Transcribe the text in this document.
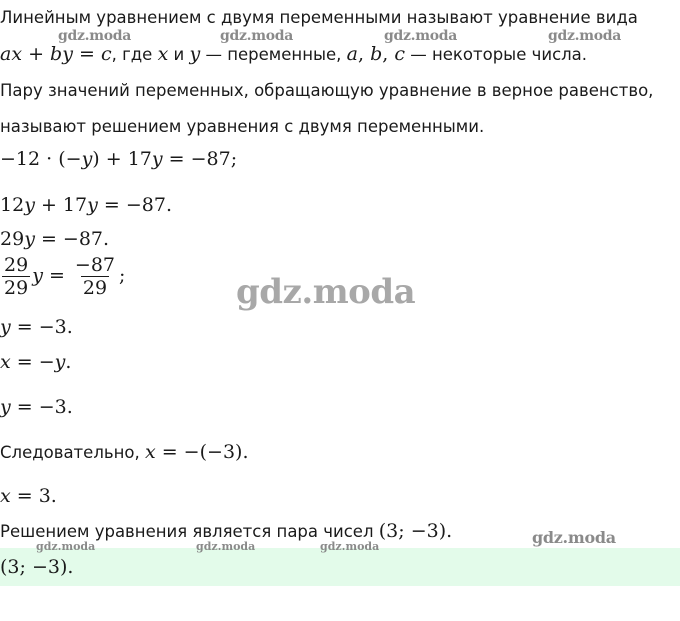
Линейным уравнением с двумя переменными называют уравнение вида
ax + by = c, где x и y — переменные, a, b, c — некоторые числа.
Пару значений переменных, обращающую уравнение в верное равенство,
называют решением уравнения с двумя переменными.
−12 · (−y) + 17y = −87;
12y + 17y = −87.
29y = −87.
$\frac{29}{29}$ $y = \frac{-87}{29}$ ;
y = −3.
x = −y.
y = −3.
Следовательно, x = −(−3).
x = 3.
Решением уравнения является пара чисел (3; −3).
(3; −3).
gdz.moda	gdz.moda	gdz.moda	gdz.moda
gdz.moda
gdz.moda
gdz.moda	gdz.moda	gdz.moda
